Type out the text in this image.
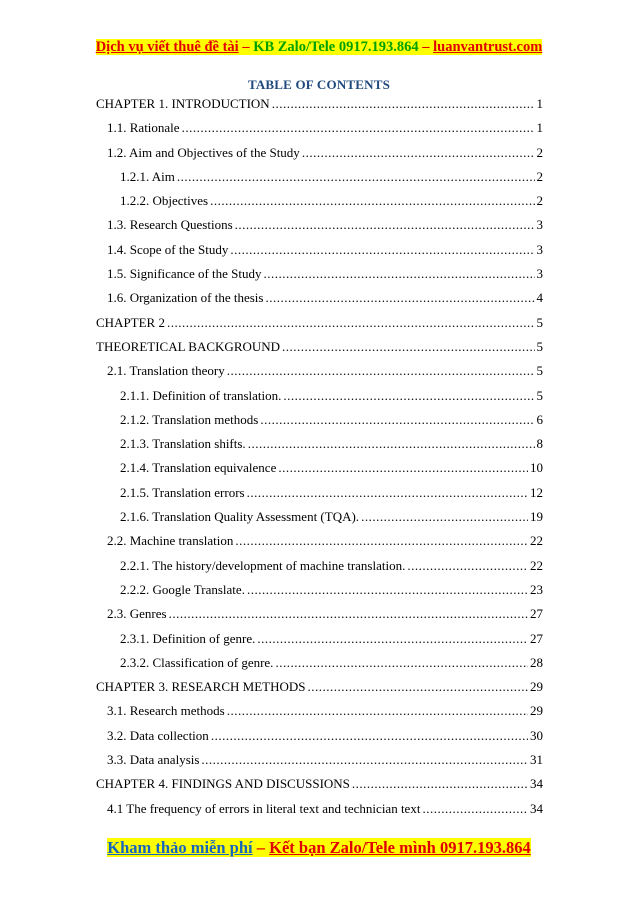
Dịch vụ viết thuê đề tài – KB Zalo/Tele 0917.193.864 – luanvantrust.com
TABLE OF CONTENTS
CHAPTER 1. INTRODUCTION .....	1
1.1. Rationale .....	1
1.2. Aim and Objectives of the Study .....	2
1.2.1. Aim .....	2
1.2.2. Objectives .....	2
1.3. Research Questions .....	3
1.4. Scope of the Study .....	3
1.5. Significance of the Study .....	3
1.6. Organization of the thesis .....	4
CHAPTER 2 .....	5
THEORETICAL BACKGROUND .....	5
2.1. Translation theory .....	5
2.1.1. Definition of translation. .....	5
2.1.2. Translation methods .....	6
2.1.3. Translation shifts. .....	8
2.1.4. Translation equivalence .....	10
2.1.5. Translation errors .....	12
2.1.6. Translation Quality Assessment (TQA). .....	19
2.2. Machine translation .....	22
2.2.1. The history/development of machine translation. .....	22
2.2.2. Google Translate. .....	23
2.3. Genres .....	27
2.3.1. Definition of genre. .....	27
2.3.2. Classification of genre. .....	28
CHAPTER 3. RESEARCH METHODS .....	29
3.1. Research methods .....	29
3.2. Data collection .....	30
3.3. Data analysis .....	31
CHAPTER 4. FINDINGS AND DISCUSSIONS .....	34
4.1 The frequency of errors in literal text and technician text .....	34
Kham thảo miễn phí – Kết bạn Zalo/Tele mình 0917.193.864
